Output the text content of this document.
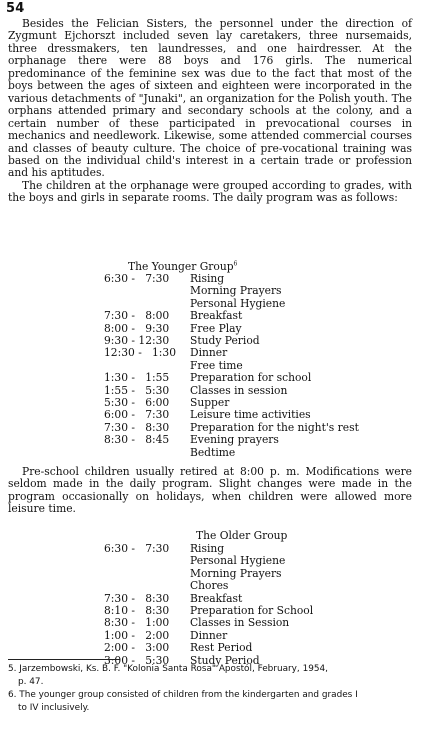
54

Besides the Felician Sisters, the personnel under the direction of Zygmunt Ejchorszt included seven lay caretakers, three nursemaids, three dressmakers, ten laundresses, and one hairdresser. At the orphanage there were 88 boys and 176 girls. The numerical predominance of the feminine sex was due to the fact that most of the boys between the ages of sixteen and eighteen were incorporated in the various detachments of "Junaki", an organization for the Polish youth. The orphans attended primary and secondary schools at the colony, and a certain number of these participated in prevocational courses in mechanics and needlework. Likewise, some attended commercial courses and classes of beauty culture. The choice of pre-vocational training was based on the individual child's interest in a certain trade or profession and his aptitudes.

The children at the orphanage were grouped according to grades, with the boys and girls in separate rooms. The daily program was as follows:

The Younger Group$^6$
6:30 -   7:30 Rising
Morning Prayers
Personal Hygiene
7:30 -   8:00 Breakfast
8:00 -   9:30 Free Play
9:30 - 12:30 Study Period
12:30 -   1:30 Dinner
Free time
1:30 -   1:55 Preparation for school
1:55 -   5:30 Classes in session
5:30 -   6:00 Supper
6:00 -   7:30 Leisure time activities
7:30 -   8:30 Preparation for the night's rest
8:30 -   8:45 Evening prayers
Bedtime

Pre-school children usually retired at 8:00 p. m. Modifications were seldom made in the daily program. Slight changes were made in the program occasionally on holidays, when children were allowed more leisure time.

The Older Group
6:30 -   7:30 Rising
Personal Hygiene
Morning Prayers
Chores
7:30 -   8:30 Breakfast
8:10 -   8:30 Preparation for School
8:30 -   1:00 Classes in Session
1:00 -   2:00 Dinner
2:00 -   3:00 Rest Period
3:00 -   5:30 Study Period
5. Jarzembowski, Ks. B. F. "Kolonia Santa Rosa" Apostól, February, 1954,
p. 47.
6. The younger group consisted of children from the kindergarten and grades I
to IV inclusively.
